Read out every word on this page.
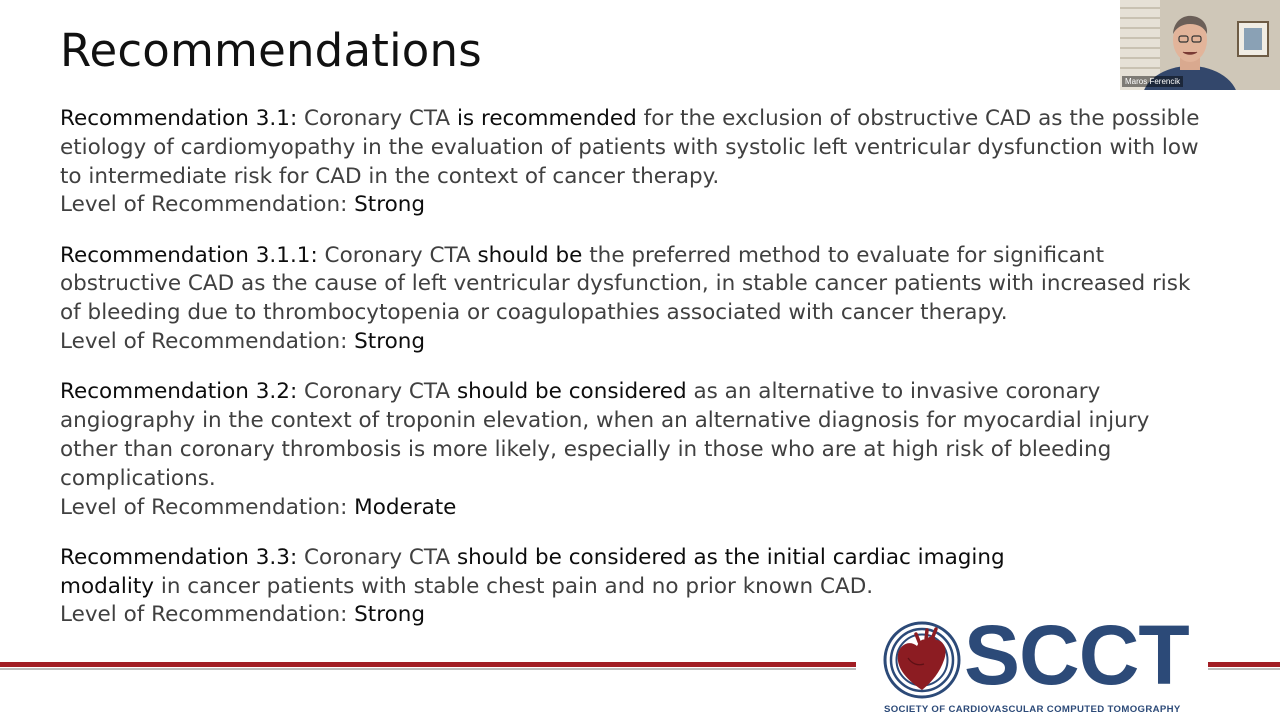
Recommendations

Recommendation 3.1: Coronary CTA is recommended for the exclusion of obstructive CAD as the possible etiology of cardiomyopathy in the evaluation of patients with systolic left ventricular dysfunction with low to intermediate risk for CAD in the context of cancer therapy.
Level of Recommendation: Strong

Recommendation 3.1.1: Coronary CTA should be the preferred method to evaluate for significant obstructive CAD as the cause of left ventricular dysfunction, in stable cancer patients with increased risk of bleeding due to thrombocytopenia or coagulopathies associated with cancer therapy.
Level of Recommendation: Strong

Recommendation 3.2: Coronary CTA should be considered as an alternative to invasive coronary angiography in the context of troponin elevation, when an alternative diagnosis for myocardial injury other than coronary thrombosis is more likely, especially in those who are at high risk of bleeding complications.
Level of Recommendation: Moderate

Recommendation 3.3: Coronary CTA should be considered as the initial cardiac imaging modality in cancer patients with stable chest pain and no prior known CAD.
Level of Recommendation: Strong	SCCT
SOCIETY OF CARDIOVASCULAR COMPUTED TOMOGRAPHY
Maros Ferencik
